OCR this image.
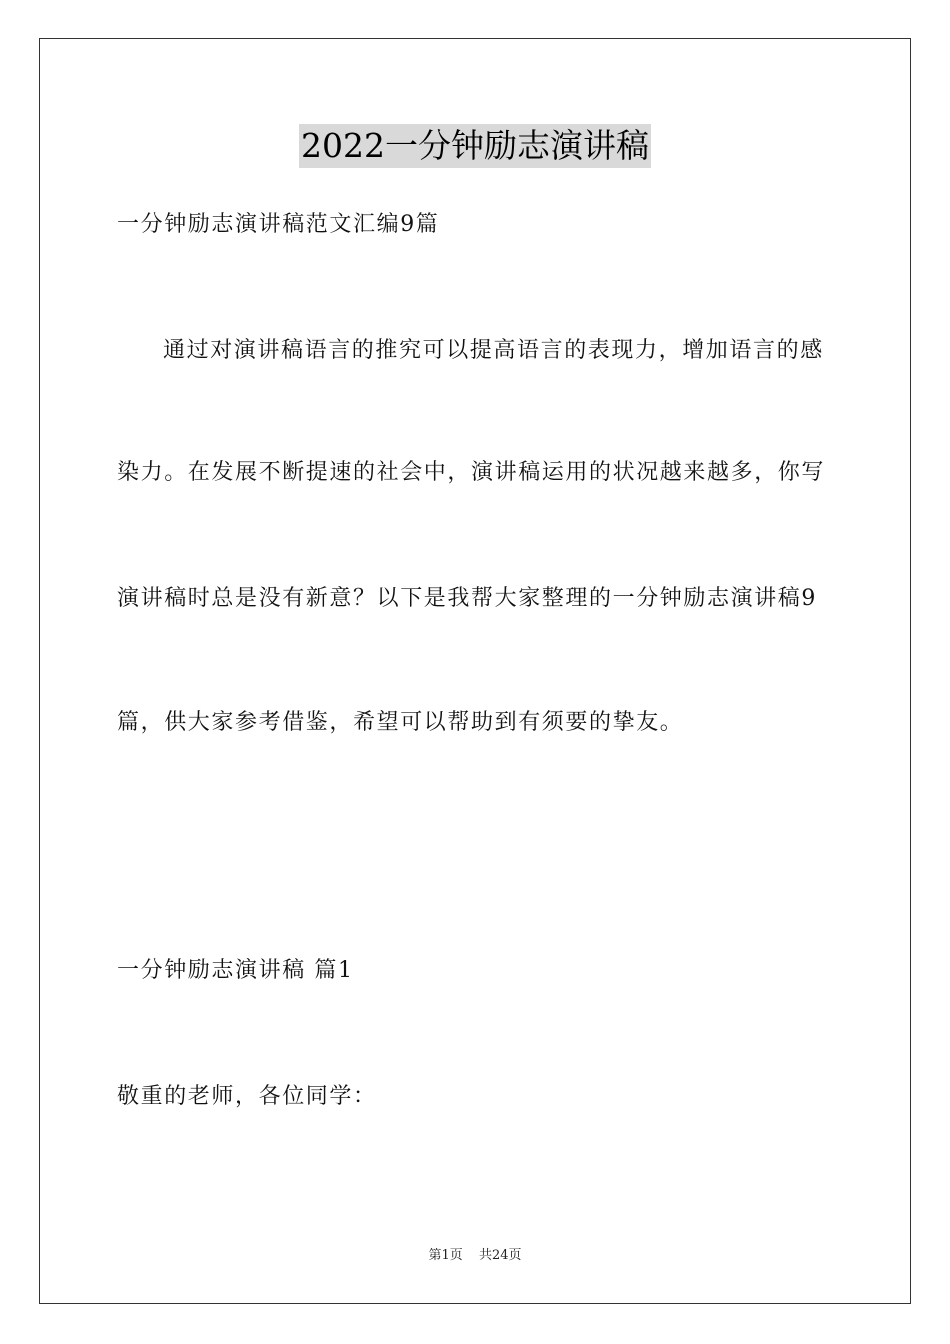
2022一分钟励志演讲稿
一分钟励志演讲稿范文汇编9篇
通过对演讲稿语言的推究可以提高语言的表现力，增加语言的感
染力。在发展不断提速的社会中，演讲稿运用的状况越来越多，你写
演讲稿时总是没有新意？以下是我帮大家整理的一分钟励志演讲稿9
篇，供大家参考借鉴，希望可以帮助到有须要的挚友。
一分钟励志演讲稿 篇1
敬重的老师，各位同学：
第1页 共24页
